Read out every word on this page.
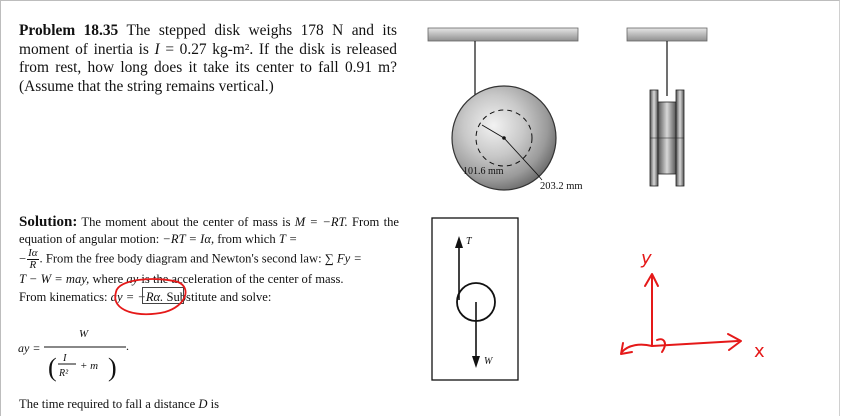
Problem 18.35 The stepped disk weighs 178 N and its moment of inertia is I = 0.27 kg-m². If the disk is released from rest, how long does it take its center to fall 0.91 m? (Assume that the string remains vertical.)
Solution: The moment about the center of mass is M = −RT. From the equation of angular motion: −RT = Iα, from which T =
− $\frac{I\alpha}{R}$ . From the free body diagram and Newton's second law: ∑ Fy =
T − W = may, where ay is the acceleration of the center of mass.
From kinematics: ay = −Rα. Substitute and solve:
The time required to fall a distance D is
101.6 mm
203.2 mm
T
W
y
x
ay =
W
( I
R²
+ m )
.
